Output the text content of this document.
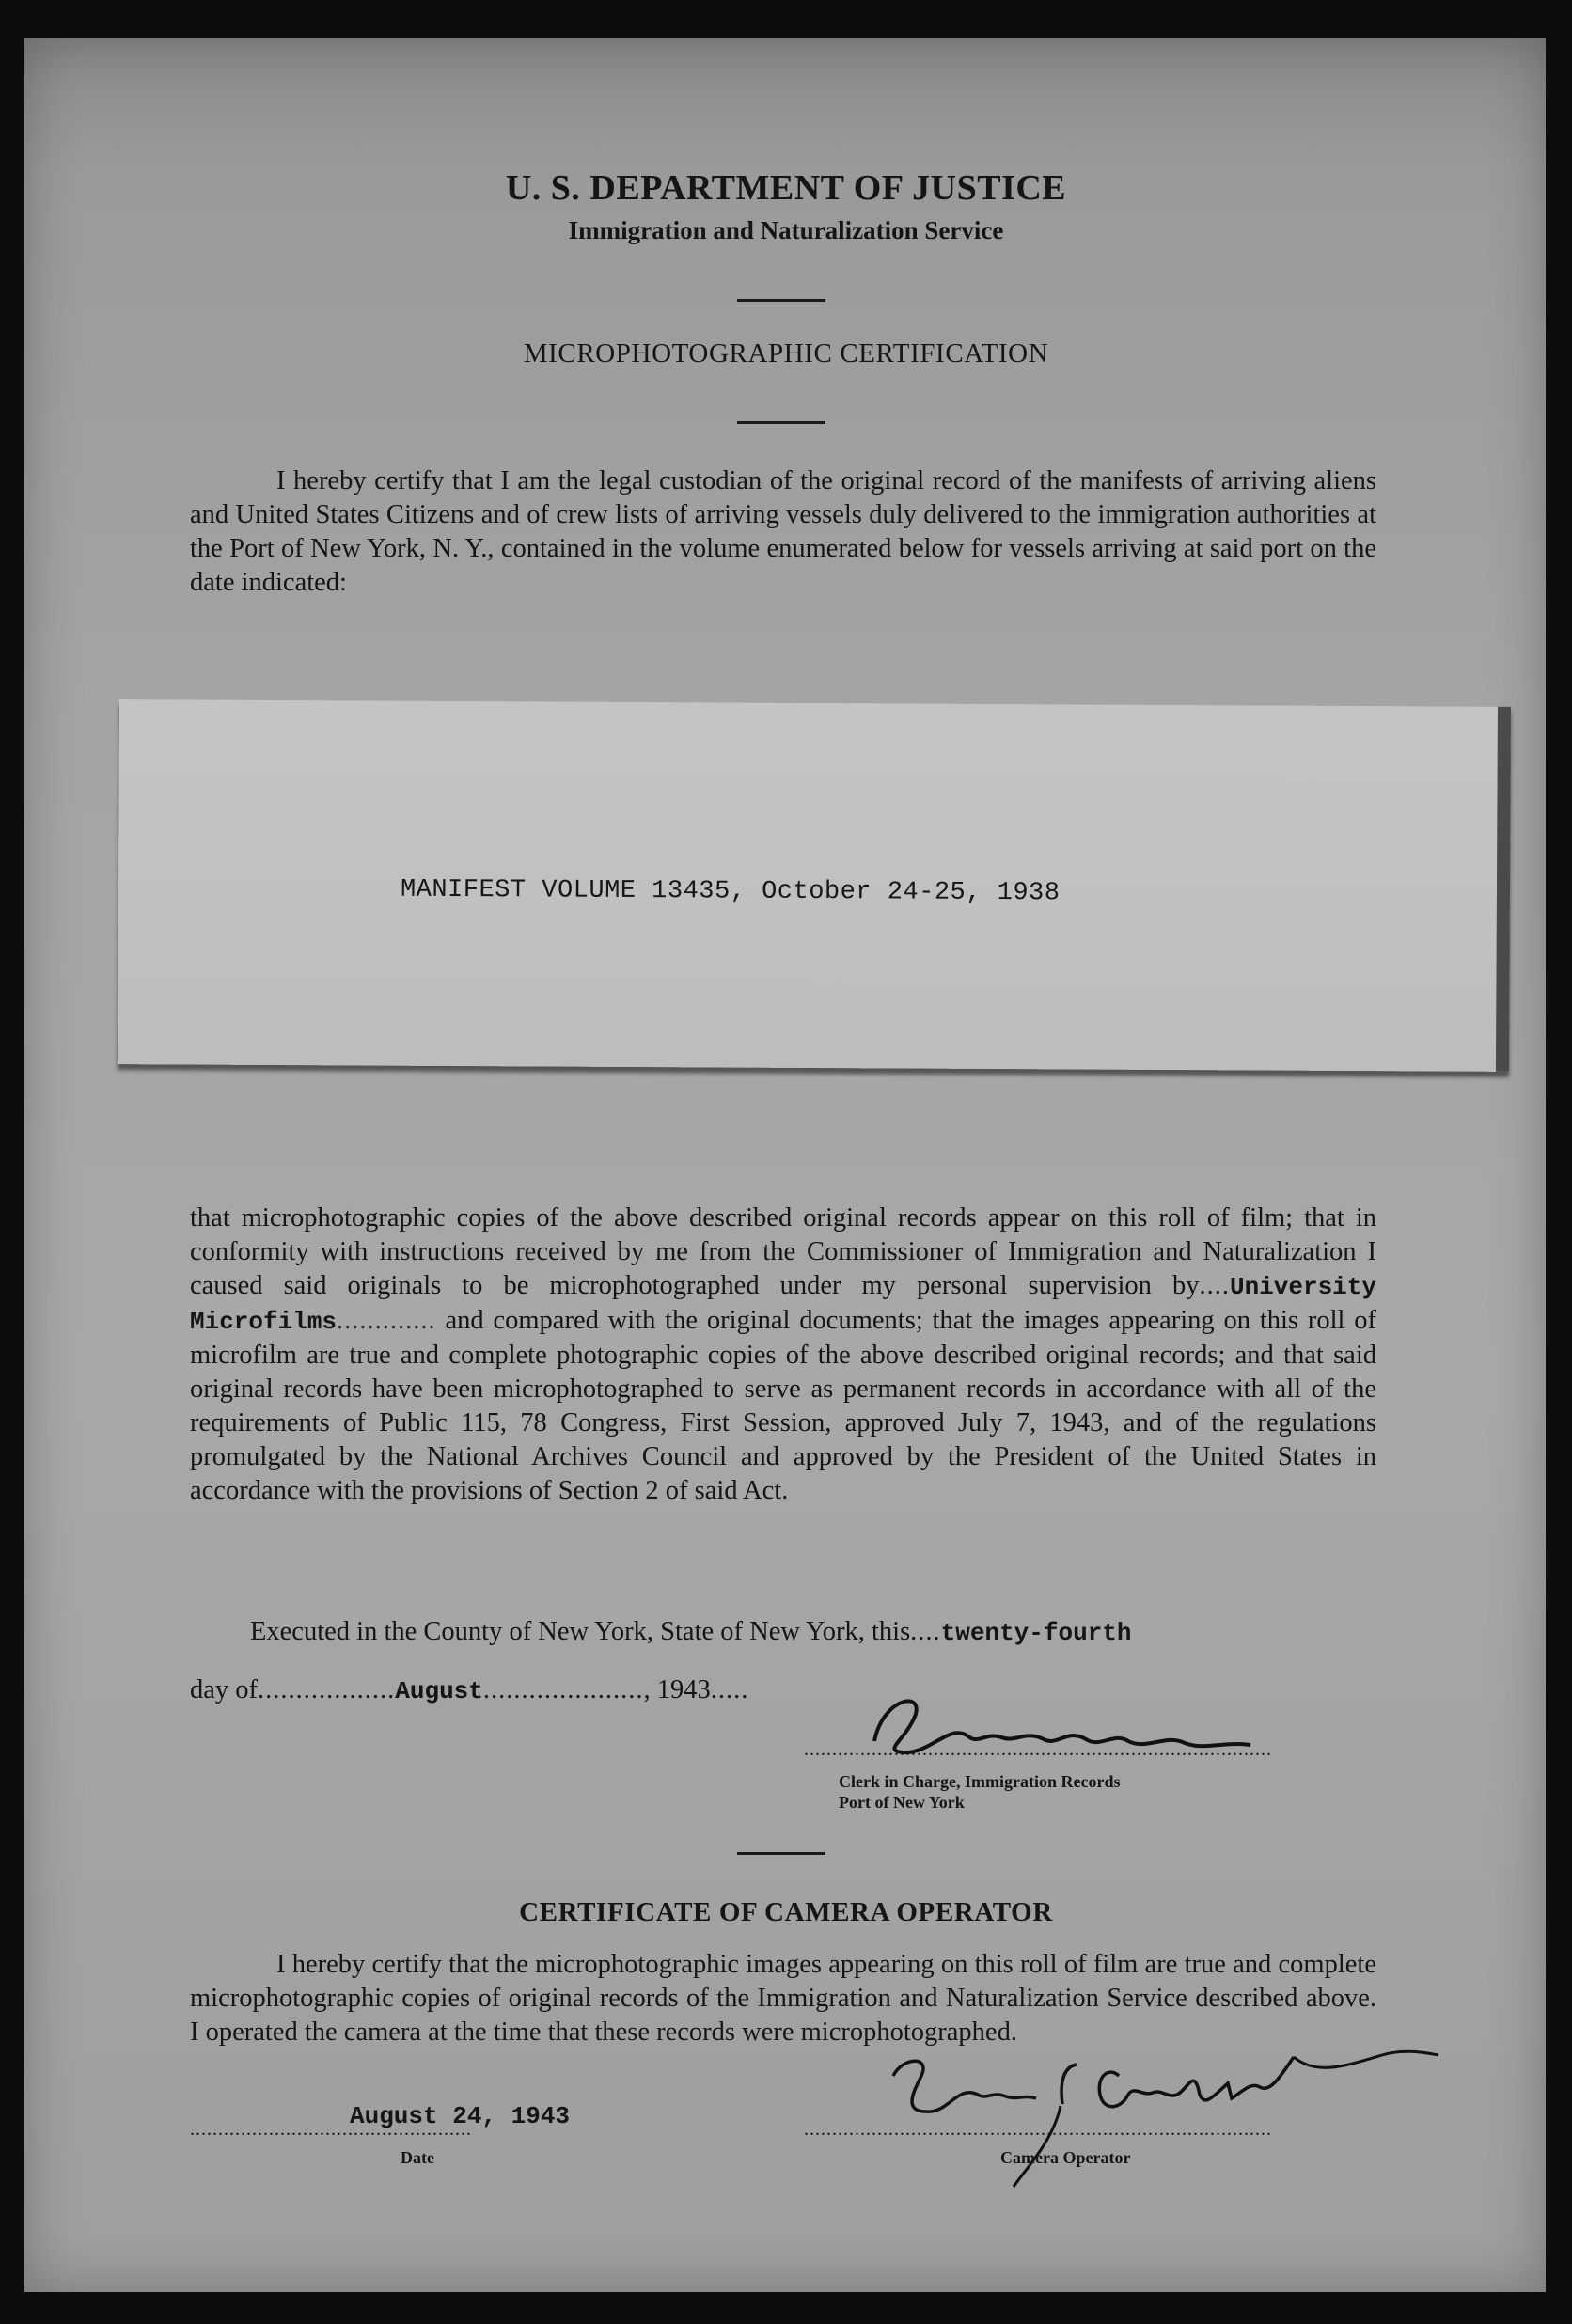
U. S. DEPARTMENT OF JUSTICE
Immigration and Naturalization Service
MICROPHOTOGRAPHIC CERTIFICATION
I hereby certify that I am the legal custodian of the original record of the manifests of arriving aliens and United States Citizens and of crew lists of arriving vessels duly delivered to the immigration authorities at the Port of New York, N. Y., contained in the volume enumerated below for vessels arriving at said port on the date indicated:
MANIFEST VOLUME 13435, October 24-25, 1938
that microphotographic copies of the above described original records appear on this roll of film; that in conformity with instructions received by me from the Commissioner of Immigration and Naturalization I caused said originals to be microphotographed under my personal supervision by....University Microfilms............. and compared with the original documents; that the images appearing on this roll of microfilm are true and complete photographic copies of the above described original records; and that said original records have been microphotographed to serve as permanent records in accordance with all of the requirements of Public 115, 78 Congress, First Session, approved July 7, 1943, and of the regulations promulgated by the National Archives Council and approved by the President of the United States in accordance with the provisions of Section 2 of said Act.
Executed in the County of New York, State of New York, this....twenty-fourth
day of..................August....................., 1943.....
...................................................................................
Clerk in Charge, Immigration Records
Port of New York
CERTIFICATE OF CAMERA OPERATOR
I hereby certify that the microphotographic images appearing on this roll of film are true and complete microphotographic copies of original records of the Immigration and Naturalization Service described above. I operated the camera at the time that these records were microphotographed.
August 24, 1943
..................................................
Date
...................................................................................
Camera Operator
